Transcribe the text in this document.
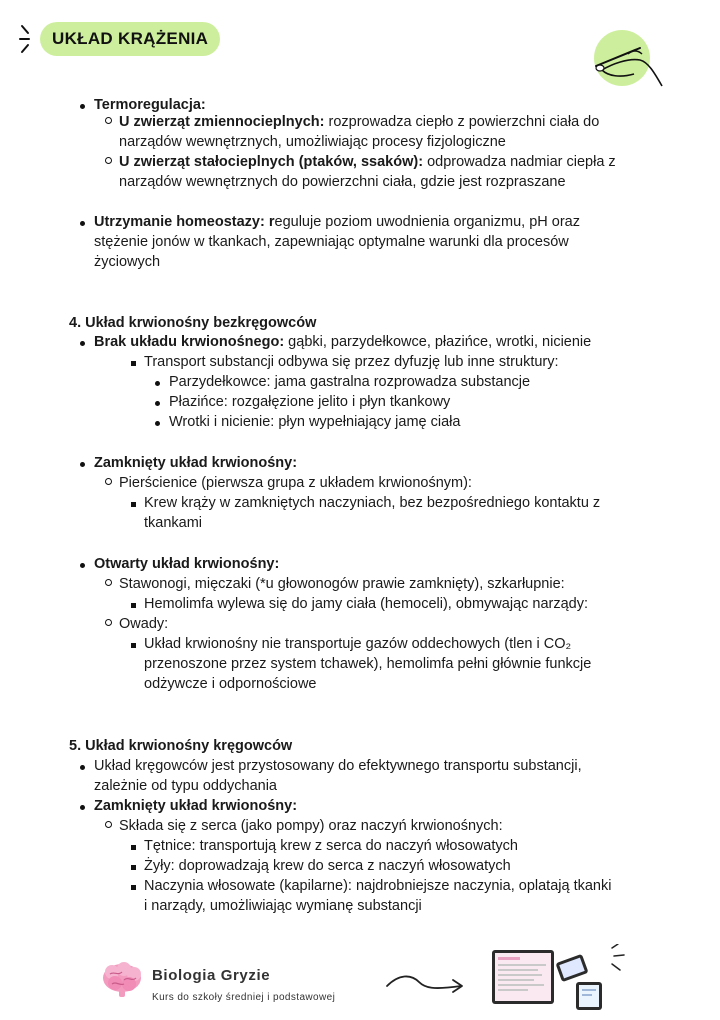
UKŁAD KRĄŻENIA
Termoregulacja:
U zwierząt zmiennocieplnych: rozprowadza ciepło z powierzchni ciała do
narządów wewnętrznych, umożliwiając procesy fizjologiczne
U zwierząt stałocieplnych (ptaków, ssaków): odprowadza nadmiar ciepła z
narządów wewnętrznych do powierzchni ciała, gdzie jest rozpraszane
Utrzymanie homeostazy: reguluje poziom uwodnienia organizmu, pH oraz
stężenie jonów w tkankach, zapewniając optymalne warunki dla procesów
życiowych
4. Układ krwionośny bezkręgowców
Brak układu krwionośnego: gąbki, parzydełkowce, płazińce, wrotki, nicienie
Transport substancji odbywa się przez dyfuzję lub inne struktury:
Parzydełkowce: jama gastralna rozprowadza substancje
Płazińce: rozgałęzione jelito i płyn tkankowy
Wrotki i nicienie: płyn wypełniający jamę ciała
Zamknięty układ krwionośny:
Pierścienice (pierwsza grupa z układem krwionośnym):
Krew krąży w zamkniętych naczyniach, bez bezpośredniego kontaktu z
tkankami
Otwarty układ krwionośny:
Stawonogi, mięczaki (*u głowonogów prawie zamknięty), szkarłupnie:
Hemolimfa wylewa się do jamy ciała (hemoceli), obmywając narządy:
Owady:
Układ krwionośny nie transportuje gazów oddechowych (tlen i CO₂
przenoszone przez system tchawek), hemolimfa pełni głównie funkcje
odżywcze i odpornościowe
5. Układ krwionośny kręgowców
Układ kręgowców jest przystosowany do efektywnego transportu substancji,
zależnie od typu oddychania
Zamknięty układ krwionośny:
Składa się z serca (jako pompy) oraz naczyń krwionośnych:
Tętnice: transportują krew z serca do naczyń włosowatych
Żyły: doprowadzają krew do serca z naczyń włosowatych
Naczynia włosowate (kapilarne): najdrobniejsze naczynia, oplatają tkanki
i narządy, umożliwiając wymianę substancji
Biologia Gryzie
Kurs do szkoły średniej i podstawowej
